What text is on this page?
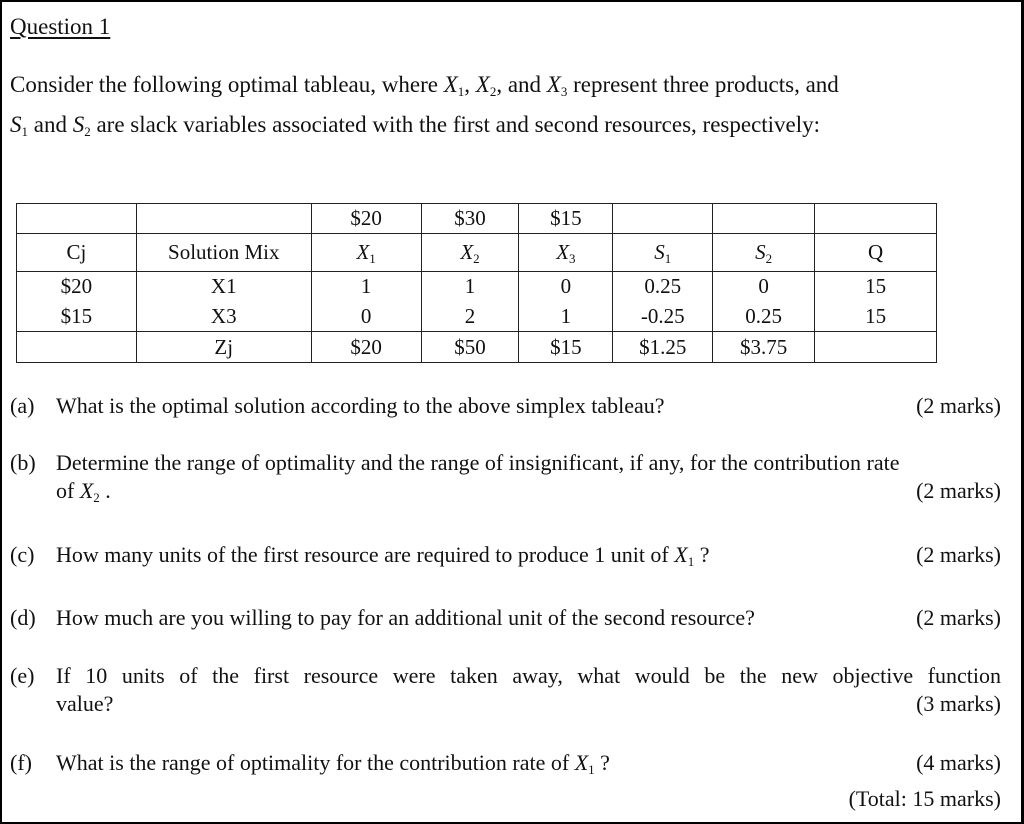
Question 1
Consider the following optimal tableau, where $X_1$, $X_2$, and $X_3$ represent three products, and
$S_1$ and $S_2$ are slack variables associated with the first and second resources, respectively:
		$20	$30	$15			
Cj	Solution Mix	$X_1$	$X_2$	$X_3$	$S_1$	$S_2$	Q
$20	X1	1	1	0	0.25	0	15
$15	X3	0	2	1	-0.25	0.25	15
	Zj	$20	$50	$15	$1.25	$3.75	
(a) What is the optimal solution according to the above simplex tableau?	(2 marks)
(b) Determine the range of optimality and the range of insignificant, if any, for the contribution rate
of $X_2$ .	(2 marks)
(c) How many units of the first resource are required to produce 1 unit of $X_1$ ?	(2 marks)
(d) How much are you willing to pay for an additional unit of the second resource?	(2 marks)
(e) If 10 units of the first resource were taken away, what would be the new objective function
value?	(3 marks)
(f) What is the range of optimality for the contribution rate of $X_1$ ?	(4 marks)
(Total: 15 marks)
